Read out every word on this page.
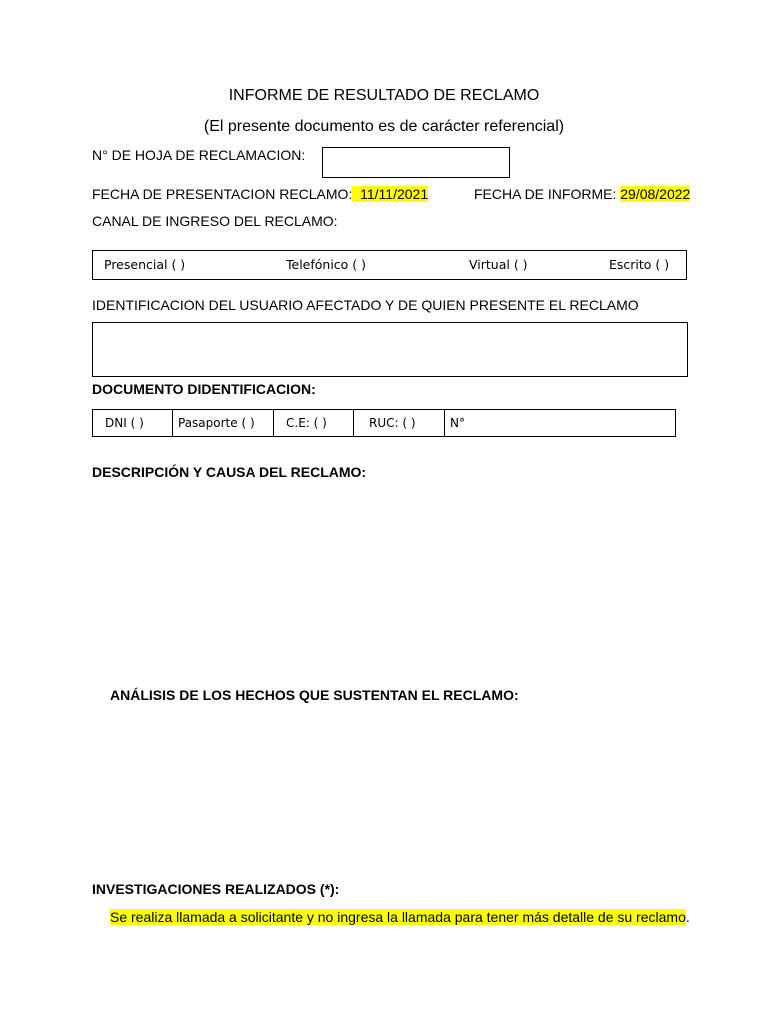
INFORME DE RESULTADO DE RECLAMO
(El presente documento es de carácter referencial)
N° DE HOJA DE RECLAMACION:
FECHA DE PRESENTACION RECLAMO:  11/11/2021	FECHA DE INFORME: 29/08/2022
CANAL DE INGRESO DEL RECLAMO:
Presencial ( )	Telefónico ( )	Virtual ( )	Escrito ( )
IDENTIFICACION DEL USUARIO AFECTADO Y DE QUIEN PRESENTE EL RECLAMO
DOCUMENTO DIDENTIFICACION:
DNI ( )	Pasaporte ( )	C.E: ( )	RUC: ( )	N°
DESCRIPCIÓN Y CAUSA DEL RECLAMO:
ANÁLISIS DE LOS HECHOS QUE SUSTENTAN EL RECLAMO:
INVESTIGACIONES REALIZADOS (*):
Se realiza llamada a solicitante y no ingresa la llamada para tener más detalle de su reclamo.
